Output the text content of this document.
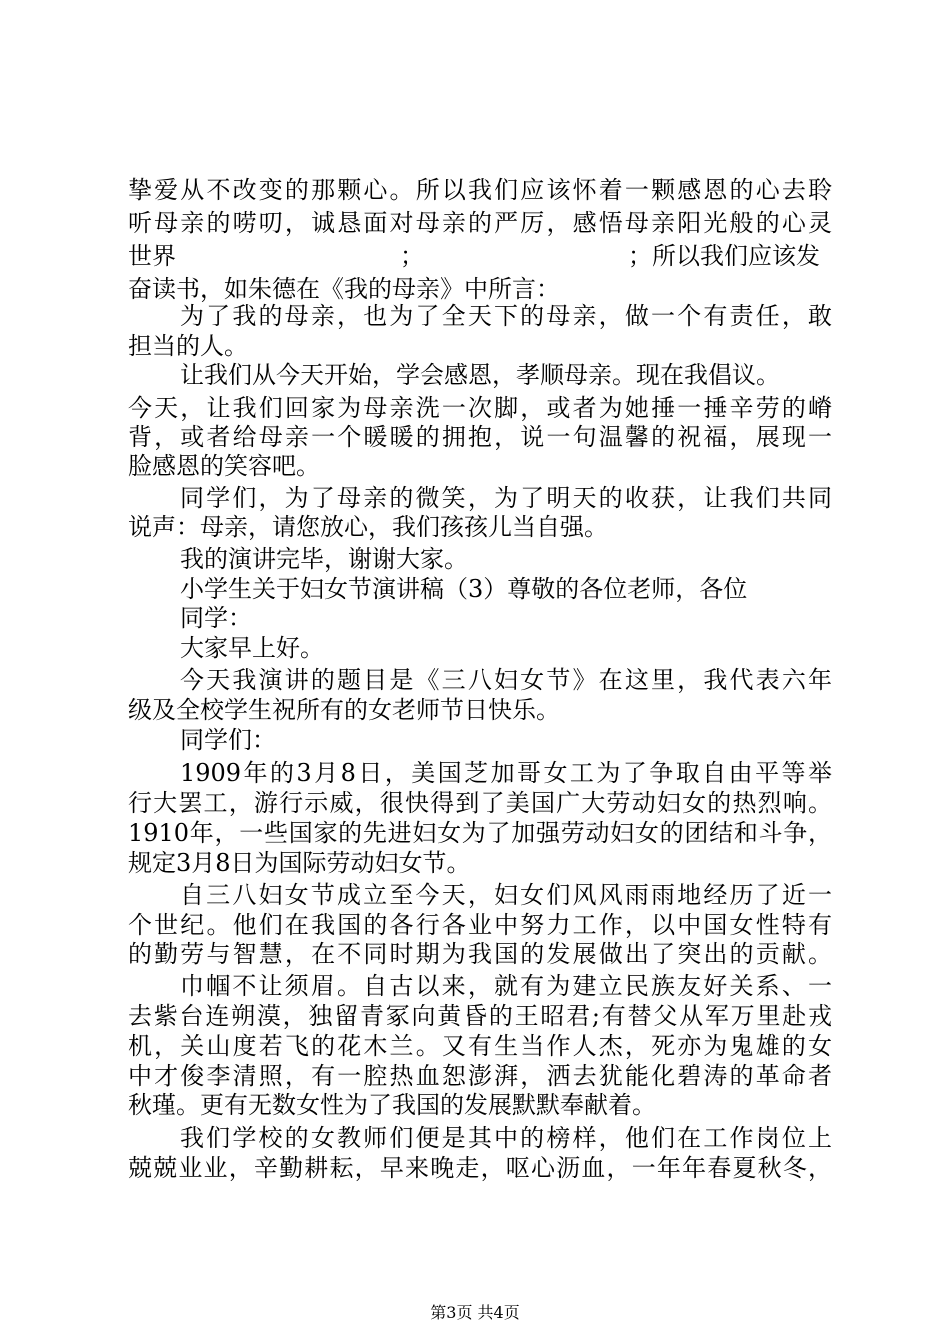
挚爱从不改变的那颗心。所以我们应该怀着一颗感恩的心去聆
听母亲的唠叨，诚恳面对母亲的严厉，感悟母亲阳光般的心灵
世界	；	；所以我们应该发
奋读书，如朱德在《我的母亲》中所言：
为了我的母亲，也为了全天下的母亲，做一个有责任，敢
担当的人。
让我们从今天开始，学会感恩，孝顺母亲。现在我倡议。
今天，让我们回家为母亲洗一次脚，或者为她捶一捶辛劳的嵴
背，或者给母亲一个暖暖的拥抱，说一句温馨的祝福，展现一
脸感恩的笑容吧。
同学们，为了母亲的微笑，为了明天的收获，让我们共同
说声：母亲，请您放心，我们孩孩儿当自强。
我的演讲完毕，谢谢大家。
小学生关于妇女节演讲稿（3）尊敬的各位老师，各位
同学：
大家早上好。
今天我演讲的题目是《三八妇女节》在这里，我代表六年
级及全校学生祝所有的女老师节日快乐。
同学们：
1909年的3月8日，美国芝加哥女工为了争取自由平等举
行大罢工，游行示威，很快得到了美国广大劳动妇女的热烈响。
1910年，一些国家的先进妇女为了加强劳动妇女的团结和斗争，
规定3月8日为国际劳动妇女节。
自三八妇女节成立至今天，妇女们风风雨雨地经历了近一
个世纪。他们在我国的各行各业中努力工作，以中国女性特有
的勤劳与智慧，在不同时期为我国的发展做出了突出的贡献。
巾帼不让须眉。自古以来，就有为建立民族友好关系、一
去紫台连朔漠，独留青冢向黄昏的王昭君;有替父从军万里赴戎
机，关山度若飞的花木兰。又有生当作人杰，死亦为鬼雄的女
中才俊李清照，有一腔热血恕澎湃，洒去犹能化碧涛的革命者
秋瑾。更有无数女性为了我国的发展默默奉献着。
我们学校的女教师们便是其中的榜样，他们在工作岗位上
兢兢业业，辛勤耕耘，早来晚走，呕心沥血，一年年春夏秋冬，
第3页 共4页
